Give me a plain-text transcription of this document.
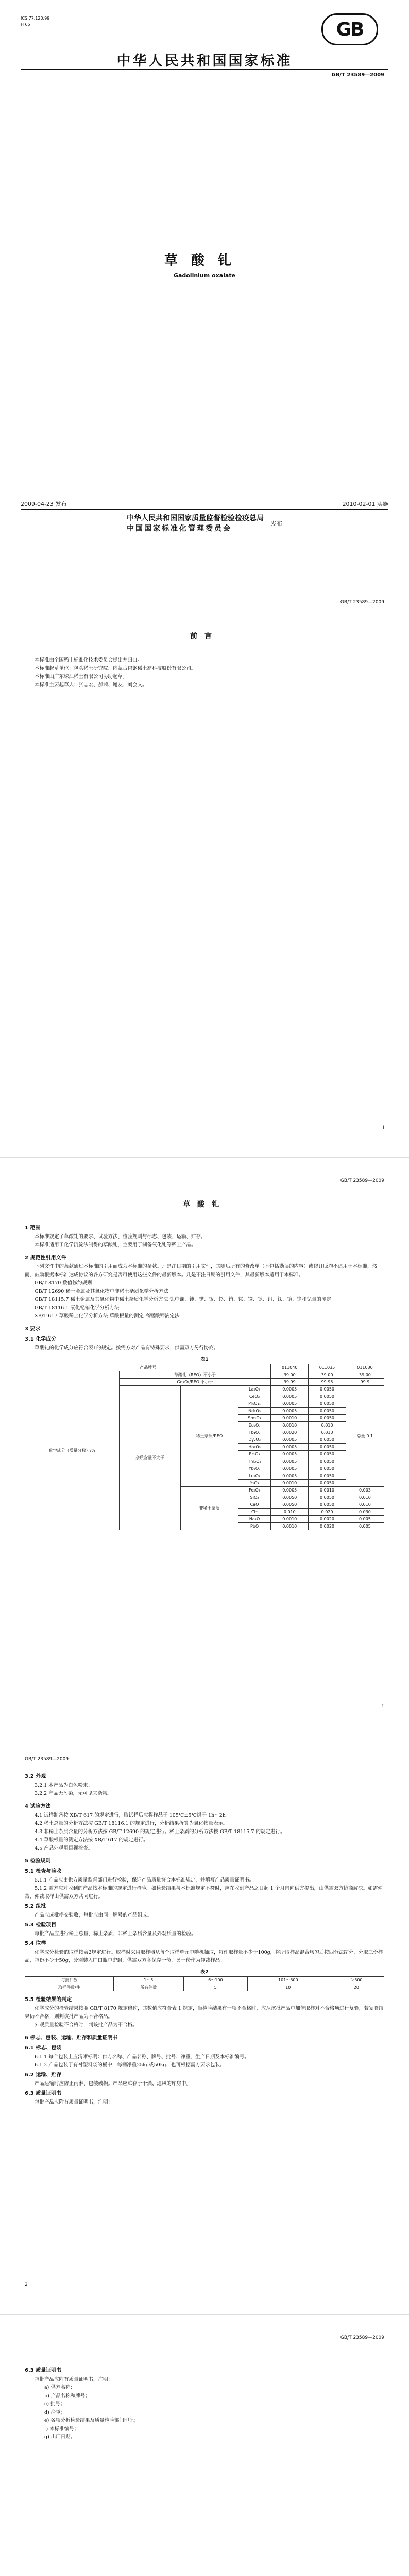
ICS 77.120.99
H 65	GB
中华人民共和国国家标准
GB/T 23589—2009
草酸钆
Gadolinium oxalate
2009-04-23 发布	2010-02-01 实施
中华人民共和国国家质量监督检验检疫总局
中国国家标准化管理委员会
发布
GB/T 23589—2009
前言

本标准由全国稀土标准化技术委员会提出并归口。

本标准起草单位：包头稀土研究院、内蒙古包钢稀土高科技股份有限公司。

本标准由广东珠江稀土有限公司协助起草。

本标准主要起草人：张志宏、郝茜、谢友、刘会文。

I
GB/T 23589—2009
草酸钆
1 范围

本标准规定了草酸钆的要求、试验方法、检验规则与标志、包装、运输、贮存。

本标准适用于化学沉淀法制得的草酸钆，主要用于制备氧化钆等稀土产品。

2 规范性引用文件

下列文件中的条款通过本标准的引用而成为本标准的条款。凡是注日期的引用文件，其随后所有的修改单（不包括勘误的内容）或修订版均不适用于本标准，然而，鼓励根据本标准达成协议的各方研究是否可使用这些文件的最新版本。凡是不注日期的引用文件，其最新版本适用于本标准。

GB/T 8170 数值修约规则

GB/T 12690 稀土金属及其氧化物中非稀土杂质化学分析方法

GB/T 18115.7 稀土金属及其氧化物中稀土杂质化学分析方法 钆中镧、铈、镨、钕、钐、铕、铽、镝、钬、铒、铥、镱、镥和钇量的测定

GB/T 18116.1 氧化钇铕化学分析方法

XB/T 617 草酸稀土化学分析方法 草酸根量的测定 高锰酸钾滴定法

3 要求
3.1 化学成分

草酸钆的化学成分应符合表1的规定。按需方对产品有特殊要求，供需双方另行协商。

表1
产品牌号				011040	011035	011030
化学成分（质量分数）/%	草酸钆（REO）不小于			39.00	39.00	39.00
	Gd₂O₃/REO 不小于			99.99	99.95	99.9
	杂质含量不大于	稀土杂质/REO	La₂O₃	0.0005	0.0050	总量 0.1
			CeO₂	0.0005	0.0050	
			Pr₆O₁₁	0.0005	0.0050	
			Nd₂O₃	0.0005	0.0050	
			Sm₂O₃	0.0010	0.0050	
			Eu₂O₃	0.0010	0.010	
			Tb₄O₇	0.0020	0.010	
			Dy₂O₃	0.0005	0.0050	
			Ho₂O₃	0.0005	0.0050	
			Er₂O₃	0.0005	0.0050	
			Tm₂O₃	0.0005	0.0050	
			Yb₂O₃	0.0005	0.0050	
			Lu₂O₃	0.0005	0.0050	
			Y₂O₃	0.0010	0.0050	
		非稀土杂质	Fe₂O₃	0.0005	0.0010	0.003
			SiO₂	0.0050	0.0050	0.010
			CaO	0.0050	0.0050	0.010
			Cl⁻	0.010	0.020	0.030
			Na₂O	0.0010	0.0020	0.005
			PbO	0.0010	0.0020	0.005
1
GB/T 23589—2009
3.2 外观

3.2.1 本产品为白色粉末。

3.2.2 产品无污染，无可见夹杂物。

4 试验方法

4.1 试样制备按 XB/T 617 的规定进行，取试样后应将样品于 105℃±5℃烘干 1h～2h。

4.2 稀土总量的分析方法按 GB/T 18116.1 的规定进行，分析结果折算为氧化物量表示。

4.3 非稀土杂质含量的分析方法按 GB/T 12690 的规定进行。稀土杂质的分析方法按 GB/T 18115.7 的规定进行。

4.4 草酸根量的测定方法按 XB/T 617 的规定进行。

4.5 产品外观用目视检查。

5 检验规则
5.1 检查与验收

5.1.1 产品应由供方质量监督部门进行检验，保证产品质量符合本标准规定，并填写产品质量证明书。

5.1.2 需方应对收到的产品按本标准的规定进行检验。如检验结果与本标准规定不符时，应在收到产品之日起 1 个月内向供方提出，由供需双方协商解决。如需仲裁，仲裁取样由供需双方共同进行。

5.2 组批

产品应成批提交验收，每批应由同一牌号的产品组成。

5.3 检验项目

每批产品应进行稀土总量、稀土杂质、非稀土杂质含量及外观质量的检验。

5.4 取样

化学成分检验的取样按表2规定进行。取样时采用取样器从每个取样单元中随机抽取，每件取样量不少于100g，将所取样品混合均匀后按四分法缩分，分取三份样品，每份不少于50g，分别装入广口瓶中密封，供需双方各保存一份，另一份作为仲裁样品。

表2
每批件数	1～5	6～100	101～300	＞300
取样件数/件	所有件数	5	10	20
5.5 检验结果的判定

化学成分的检验结果按照 GB/T 8170 规定修约，其数值应符合表 1 规定，当检验结果有一项不合格时，应从该批产品中加倍取样对不合格项进行复验，若复验结果仍不合格，则判该批产品为不合格品。

外观质量检验不合格时，判该批产品为不合格。

6 标志、包装、运输、贮存和质量证明书
6.1 标志、包装

6.1.1 每个包装上应清晰标明：供方名称、产品名称、牌号、批号、净重、生产日期及本标准编号。

6.1.2 产品包装于有衬塑料袋的桶中，每桶净重25kg或50kg，也可根据需方要求包装。

6.2 运输、贮存

产品运输时应防止雨淋、包装破损。产品应贮存于干燥、通风的库房中。

6.3 质量证明书

每批产品应附有质量证明书，注明：

2
GB/T 23589—2009
6.3 质量证明书

每批产品应附有质量证明书，注明：

a) 供方名称；

b) 产品名称和牌号；

c) 批号；

d) 净重；

e) 各项分析检验结果及质量检验部门印记；

f) 本标准编号；

g) 出厂日期。
